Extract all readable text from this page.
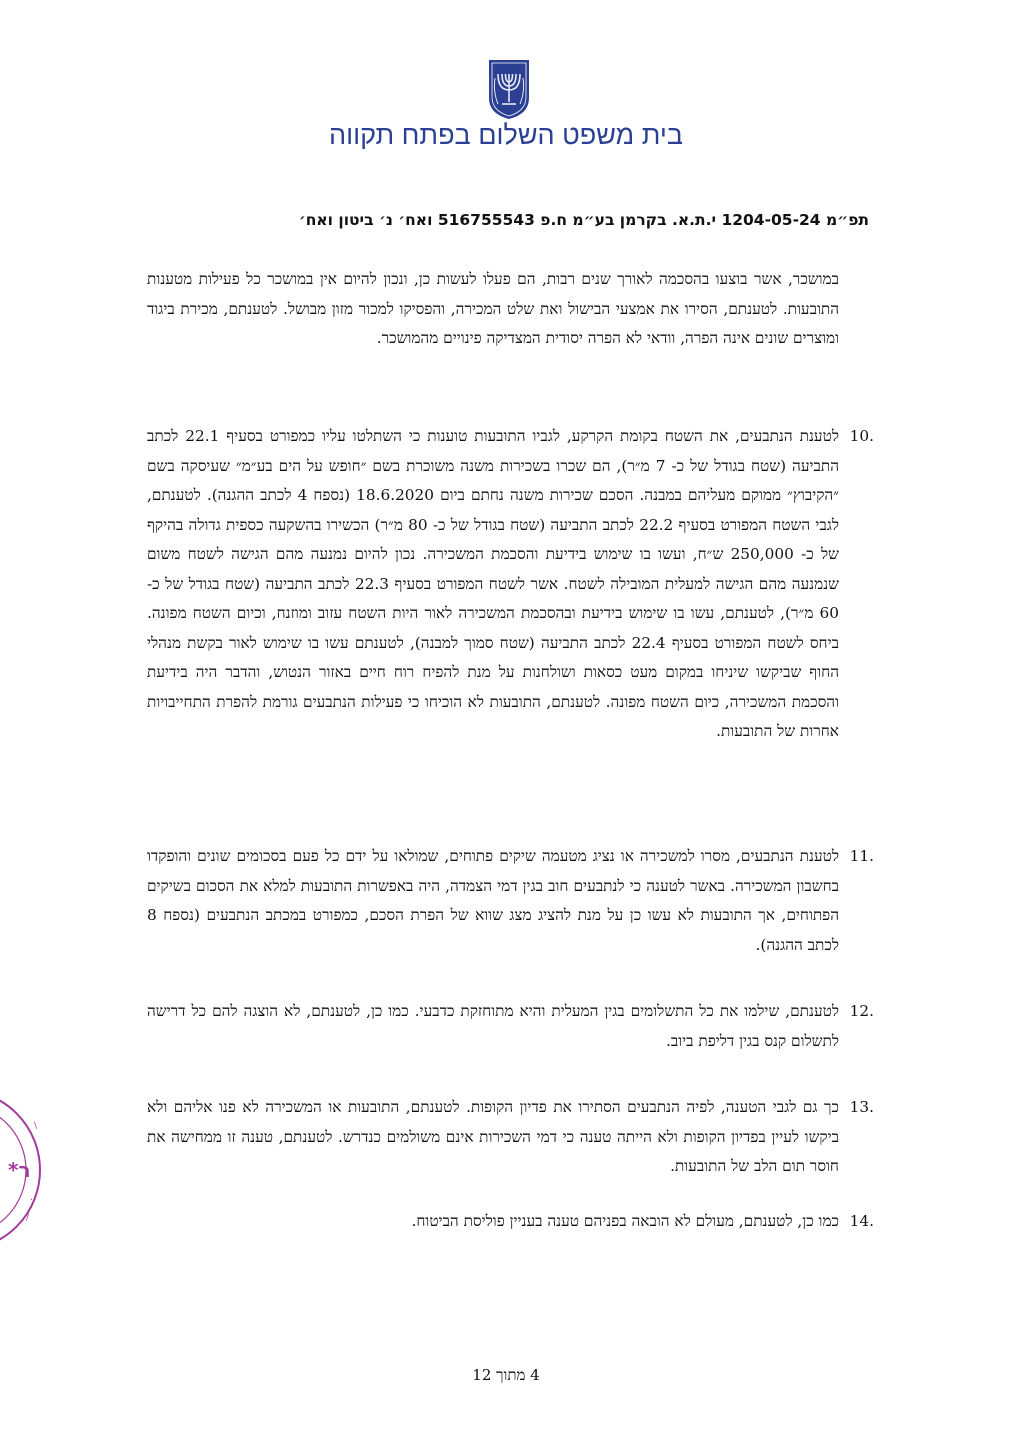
בית משפט השלום בפתח תקווה
תפ״מ 1204-05-24 י.ת.א. בקרמן בע״מ ח.פ 516755543 ואח׳ נ׳ ביטון ואח׳
במושכר, אשר בוצעו בהסכמה לאורך שנים רבות, הם פעלו לעשות כן, ונכון להיום אין במושכר כל פעילות מטענות התובעות. לטענתם, הסירו את אמצעי הבישול ואת שלט המכירה, והפסיקו למכור מזון מבושל. לטענתם, מכירת ביגוד ומוצרים שונים אינה הפרה, וודאי לא הפרה יסודית המצדיקה פינויים מהמושכר.
10.
לטענת הנתבעים, את השטח בקומת הקרקע, לגביו התובעות טוענות כי השתלטו עליו כמפורט בסעיף 22.1 לכתב התביעה (שטח בגודל של כ- 7 מ״ר), הם שכרו בשכירות משנה משוכרת בשם ״חופש על הים בע״מ״ שעיסקה בשם ״הקיבוץ״ ממוקם מעליהם במבנה. הסכם שכירות משנה נחתם ביום 18.6.2020 (נספח 4 לכתב ההגנה). לטענתם, לגבי השטח המפורט בסעיף 22.2 לכתב התביעה (שטח בגודל של כ- 80 מ״ר) הכשירו בהשקעה כספית גדולה בהיקף של כ- 250,000 ש״ח, ועשו בו שימוש בידיעת והסכמת המשכירה. נכון להיום נמנעה מהם הגישה לשטח משום שנמנעה מהם הגישה למעלית המובילה לשטח. אשר לשטח המפורט בסעיף 22.3 לכתב התביעה (שטח בגודל של כ- 60 מ״ר), לטענתם, עשו בו שימוש בידיעת ובהסכמת המשכירה לאור היות השטח עזוב ומוזנח, וכיום השטח מפונה. ביחס לשטח המפורט בסעיף 22.4 לכתב התביעה (שטח סמוך למבנה), לטענתם עשו בו שימוש לאור בקשת מנהלי החוף שביקשו שיניחו במקום מעט כסאות ושולחנות על מנת להפיח רוח חיים באזור הנטוש, והדבר היה בידיעת והסכמת המשכירה, כיום השטח מפונה. לטענתם, התובעות לא הוכיחו כי פעילות הנתבעים גורמת להפרת התחייבויות אחרות של התובעות.
11.
לטענת הנתבעים, מסרו למשכירה או נציג מטעמה שיקים פתוחים, שמולאו על ידם כל פעם בסכומים שונים והופקדו בחשבון המשכירה. באשר לטענה כי לנתבעים חוב בגין דמי הצמדה, היה באפשרות התובעות למלא את הסכום בשיקים הפתוחים, אך התובעות לא עשו כן על מנת להציג מצג שווא של הפרת הסכם, כמפורט במכתב הנתבעים (נספח 8 לכתב ההגנה).
12.
לטענתם, שילמו את כל התשלומים בגין המעלית והיא מתוחזקת כדבעי. כמו כן, לטענתם, לא הוצגה להם כל דרישה לתשלום קנס בגין דליפת ביוב.
13.
כך גם לגבי הטענה, לפיה הנתבעים הסתירו את פדיון הקופות. לטענתם, התובעות או המשכירה לא פנו אליהם ולא ביקשו לעיין בפדיון הקופות ולא הייתה טענה כי דמי השכירות אינם משולמים כנדרש. לטענתם, טענה זו ממחישה את חוסר תום הלב של התובעות.
14.
כמו כן, לטענתם, מעולם לא הובאה בפניהם טענה בעניין פוליסת הביטוח.
\
.
/
*ר
4 מתוך 12
